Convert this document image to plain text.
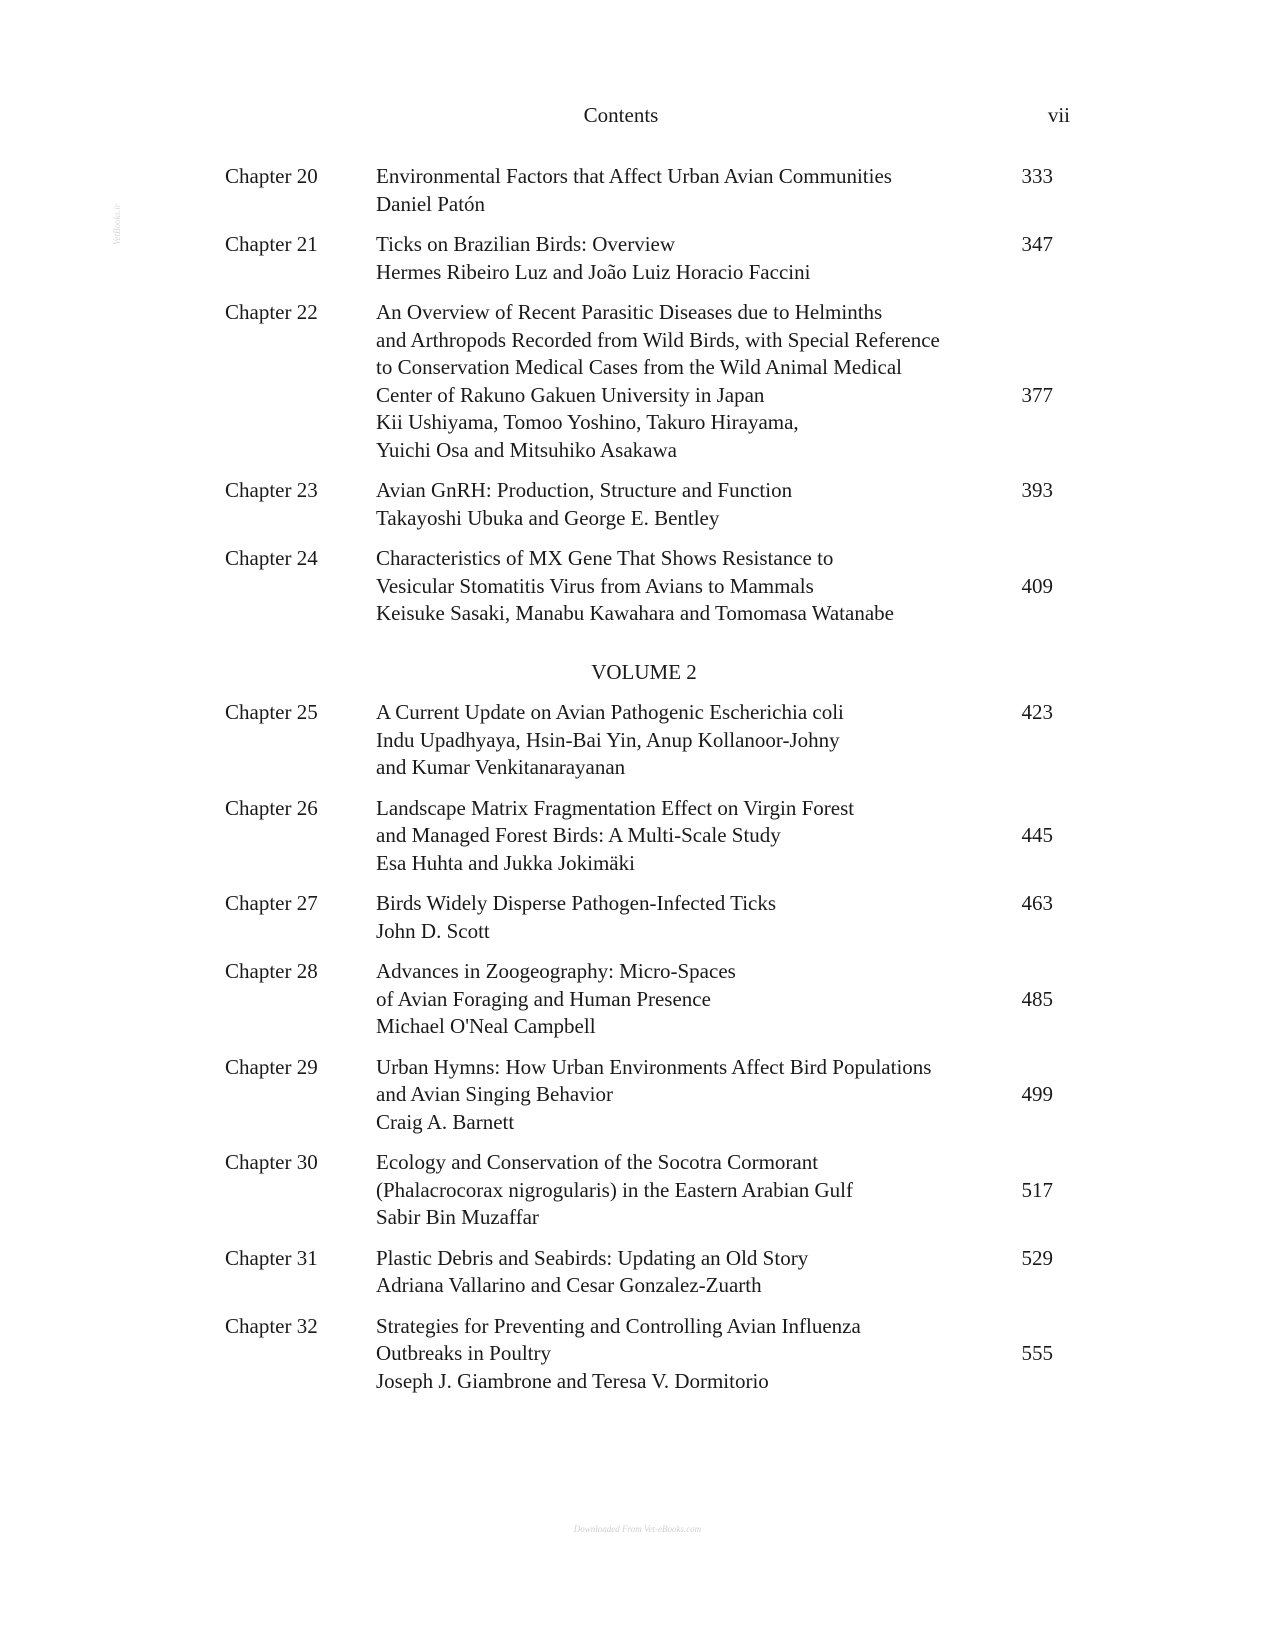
Contents	vii
VetBooks.ir
Chapter 20	Environmental Factors that Affect Urban Avian Communities
Daniel Patón
333
Chapter 21	Ticks on Brazilian Birds: Overview
Hermes Ribeiro Luz and João Luiz Horacio Faccini
347
Chapter 22	An Overview of Recent Parasitic Diseases due to Helminths
and Arthropods Recorded from Wild Birds, with Special Reference
to Conservation Medical Cases from the Wild Animal Medical
Center of Rakuno Gakuen University in Japan
Kii Ushiyama, Tomoo Yoshino, Takuro Hirayama,
Yuichi Osa and Mitsuhiko Asakawa
377
Chapter 23	Avian GnRH: Production, Structure and Function
Takayoshi Ubuka and George E. Bentley
393
Chapter 24	Characteristics of MX Gene That Shows Resistance to
Vesicular Stomatitis Virus from Avians to Mammals
Keisuke Sasaki, Manabu Kawahara and Tomomasa Watanabe
409
VOLUME 2
Chapter 25	A Current Update on Avian Pathogenic Escherichia coli
Indu Upadhyaya, Hsin-Bai Yin, Anup Kollanoor-Johny
and Kumar Venkitanarayanan
423
Chapter 26	Landscape Matrix Fragmentation Effect on Virgin Forest
and Managed Forest Birds: A Multi-Scale Study
Esa Huhta and Jukka Jokimäki
445
Chapter 27	Birds Widely Disperse Pathogen-Infected Ticks
John D. Scott
463
Chapter 28	Advances in Zoogeography: Micro-Spaces
of Avian Foraging and Human Presence
Michael O'Neal Campbell
485
Chapter 29	Urban Hymns: How Urban Environments Affect Bird Populations
and Avian Singing Behavior
Craig A. Barnett
499
Chapter 30	Ecology and Conservation of the Socotra Cormorant
(Phalacrocorax nigrogularis) in the Eastern Arabian Gulf
Sabir Bin Muzaffar
517
Chapter 31	Plastic Debris and Seabirds: Updating an Old Story
Adriana Vallarino and Cesar Gonzalez-Zuarth
529
Chapter 32	Strategies for Preventing and Controlling Avian Influenza
Outbreaks in Poultry
Joseph J. Giambrone and Teresa V. Dormitorio
555
Downloaded From Vet-eBooks.com
